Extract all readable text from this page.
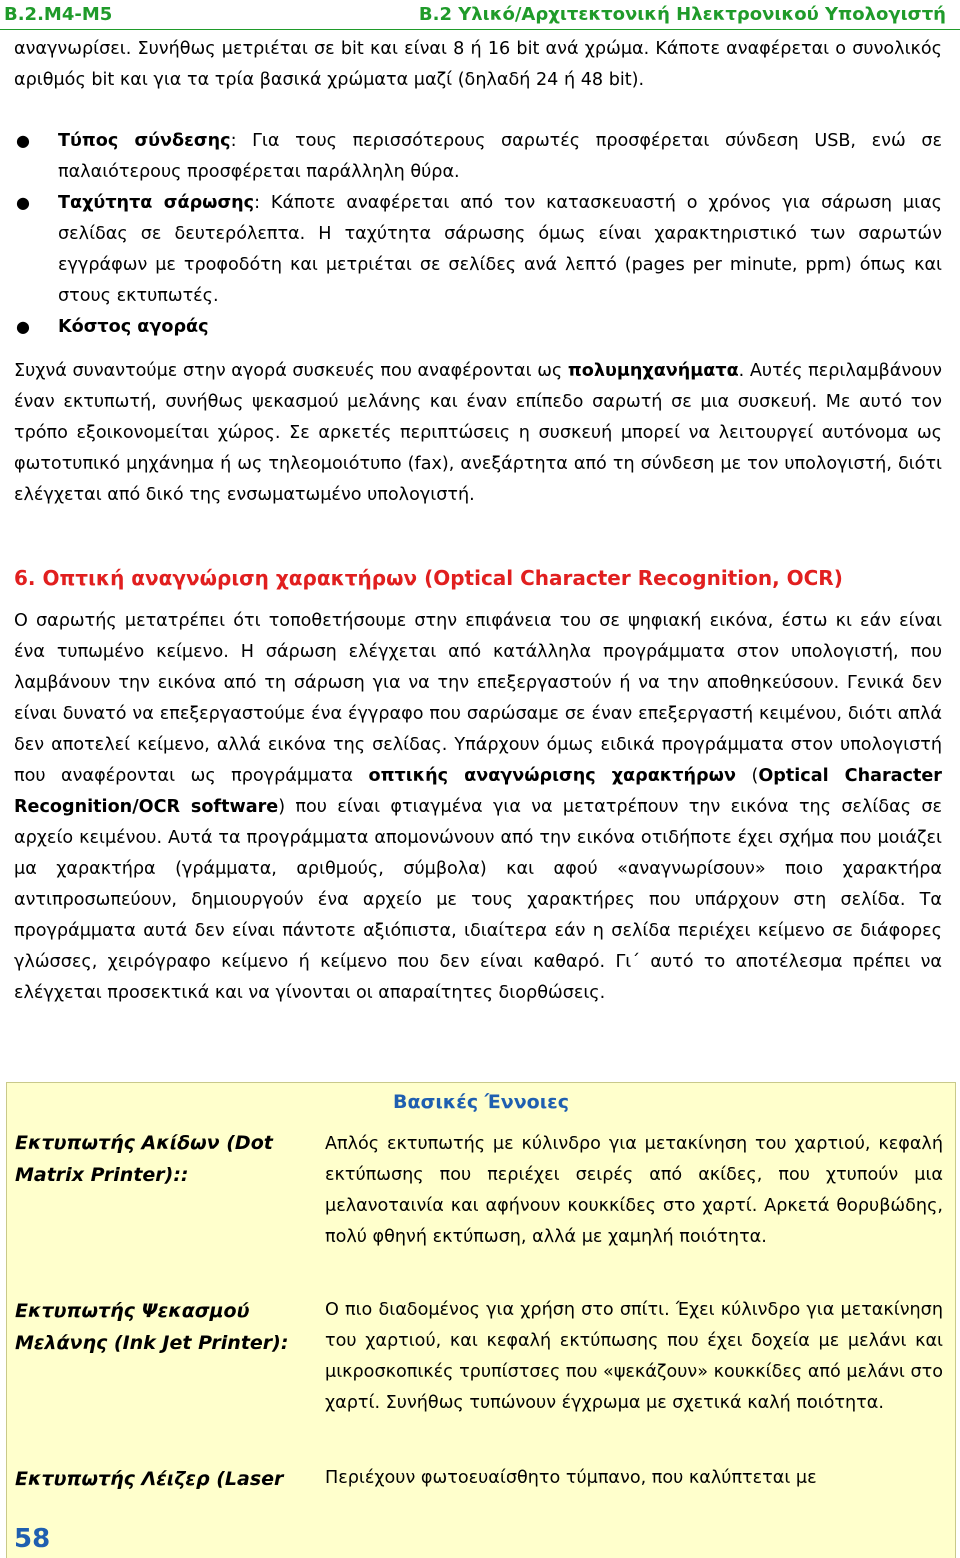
Β.2.Μ4-Μ5	Β.2 Υλικό/Αρχιτεκτονική Ηλεκτρονικού Υπολογιστή
αναγνωρίσει. Συνήθως μετριέται σε bit και είναι 8 ή 16 bit ανά χρώμα. Κάποτε αναφέρεται ο συνολικός αριθμός bit και για τα τρία βασικά χρώματα μαζί (δηλαδή 24 ή 48 bit).
● Τύπος σύνδεσης: Για τους περισσότερους σαρωτές προσφέρεται σύνδεση USB, ενώ σε παλαιότερους προσφέρεται παράλληλη θύρα.
● Ταχύτητα σάρωσης: Κάποτε αναφέρεται από τον κατασκευαστή ο χρόνος για σάρωση μιας σελίδας σε δευτερόλεπτα. Η ταχύτητα σάρωσης όμως είναι χαρακτηριστικό των σαρωτών εγγράφων με τροφοδότη και μετριέται σε σελίδες ανά λεπτό (pages per minute, ppm) όπως και στους εκτυπωτές.
● Κόστος αγοράς
Συχνά συναντούμε στην αγορά συσκευές που αναφέρονται ως πολυμηχανήματα. Αυτές περιλαμβάνουν έναν εκτυπωτή, συνήθως ψεκασμού μελάνης και έναν επίπεδο σαρωτή σε μια συσκευή. Με αυτό τον τρόπο εξοικονομείται χώρος. Σε αρκετές περιπτώσεις η συσκευή μπορεί να λειτουργεί αυτόνομα ως φωτοτυπικό μηχάνημα ή ως τηλεομοιότυπο (fax), ανεξάρτητα από τη σύνδεση με τον υπολογιστή, διότι ελέγχεται από δικό της ενσωματωμένο υπολογιστή.
6. Οπτική αναγνώριση χαρακτήρων (Optical Character Recognition, OCR)
Ο σαρωτής μετατρέπει ότι τοποθετήσουμε στην επιφάνεια του σε ψηφιακή εικόνα, έστω κι εάν είναι ένα τυπωμένο κείμενο. Η σάρωση ελέγχεται από κατάλληλα προγράμματα στον υπολογιστή, που λαμβάνουν την εικόνα από τη σάρωση για να την επεξεργαστούν ή να την αποθηκεύσουν. Γενικά δεν είναι δυνατό να επεξεργαστούμε ένα έγγραφο που σαρώσαμε σε έναν επεξεργαστή κειμένου, διότι απλά δεν αποτελεί κείμενο, αλλά εικόνα της σελίδας. Υπάρχουν όμως ειδικά προγράμματα στον υπολογιστή που αναφέρονται ως προγράμματα οπτικής αναγνώρισης χαρακτήρων (Optical Character Recognition/OCR software) που είναι φτιαγμένα για να μετατρέπουν την εικόνα της σελίδας σε αρχείο κειμένου. Αυτά τα προγράμματα απομονώνουν από την εικόνα οτιδήποτε έχει σχήμα που μοιάζει μα χαρακτήρα (γράμματα, αριθμούς, σύμβολα) και αφού «αναγνωρίσουν» ποιο χαρακτήρα αντιπροσωπεύουν, δημιουργούν ένα αρχείο με τους χαρακτήρες που υπάρχουν στη σελίδα. Τα προγράμματα αυτά δεν είναι πάντοτε αξιόπιστα, ιδιαίτερα εάν η σελίδα περιέχει κείμενο σε διάφορες γλώσσες, χειρόγραφο κείμενο ή κείμενο που δεν είναι καθαρό. Γι΄ αυτό το αποτέλεσμα πρέπει να ελέγχεται προσεκτικά και να γίνονται οι απαραίτητες διορθώσεις.
Βασικές Έννοιες
Εκτυπωτής Ακίδων (Dot Matrix Printer)::
Απλός εκτυπωτής με κύλινδρο για μετακίνηση του χαρτιού, κεφαλή εκτύπωσης που περιέχει σειρές από ακίδες, που χτυπούν μια μελανοταινία και αφήνουν κουκκίδες στο χαρτί. Αρκετά θορυβώδης, πολύ φθηνή εκτύπωση, αλλά με χαμηλή ποιότητα.
Εκτυπωτής Ψεκασμού Μελάνης (Ink Jet Printer):
Ο πιο διαδομένος για χρήση στο σπίτι. Έχει κύλινδρο για μετακίνηση του χαρτιού, και κεφαλή εκτύπωσης που έχει δοχεία με μελάνι και μικροσκοπικές τρυπίστσες που «ψεκάζουν» κουκκίδες από μελάνι στο χαρτί. Συνήθως τυπώνουν έγχρωμα με σχετικά καλή ποιότητα.
Εκτυπωτής Λέιζερ (Laser	Περιέχουν φωτοευαίσθητο τύμπανο, που καλύπτεται με
58
